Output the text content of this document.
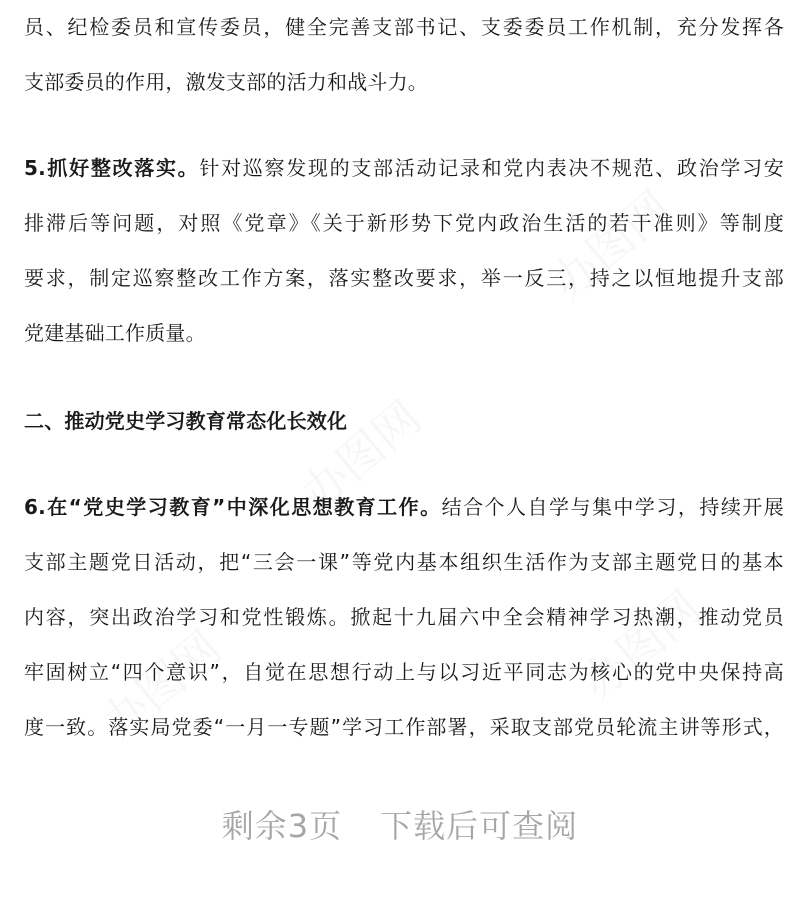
员、纪检委员和宣传委员，健全完善支部书记、支委委员工作机制，充分发挥各
支部委员的作用，激发支部的活力和战斗力。
5.抓好整改落实。针对巡察发现的支部活动记录和党内表决不规范、政治学习安
排滞后等问题，对照《党章》《关于新形势下党内政治生活的若干准则》等制度
要求，制定巡察整改工作方案，落实整改要求，举一反三，持之以恒地提升支部
党建基础工作质量。
二、推动党史学习教育常态化长效化
6.在“党史学习教育”中深化思想教育工作。结合个人自学与集中学习，持续开展
支部主题党日活动，把“三会一课”等党内基本组织生活作为支部主题党日的基本
内容，突出政治学习和党性锻炼。掀起十九届六中全会精神学习热潮，推动党员
牢固树立“四个意识”，自觉在思想行动上与以习近平同志为核心的党中央保持高
度一致。落实局党委“一月一专题”学习工作部署，采取支部党员轮流主讲等形式，
剩余3页 下载后可查阅
